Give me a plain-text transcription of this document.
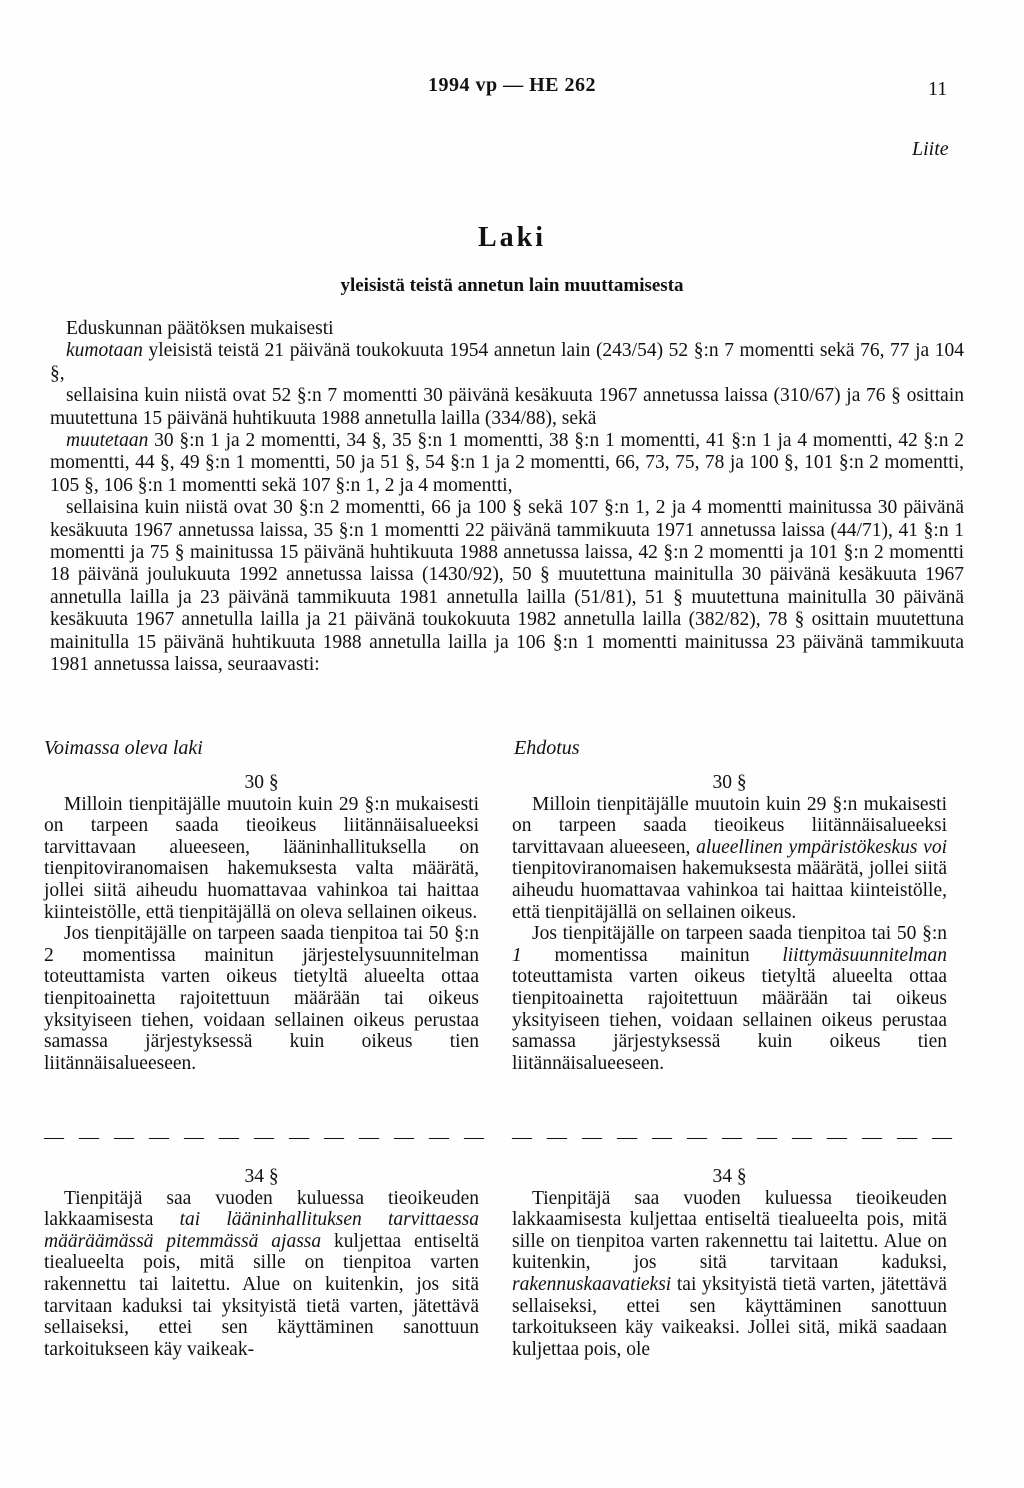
1994 vp — HE 262	11
Liite
Laki
yleisistä teistä annetun lain muuttamisesta

Eduskunnan päätöksen mukaisesti

kumotaan yleisistä teistä 21 päivänä toukokuuta 1954 annetun lain (243/54) 52 §:n 7 momentti sekä 76, 77 ja 104 §,

sellaisina kuin niistä ovat 52 §:n 7 momentti 30 päivänä kesäkuuta 1967 annetussa laissa (310/67) ja 76 § osittain muutettuna 15 päivänä huhtikuuta 1988 annetulla lailla (334/88), sekä

muutetaan 30 §:n 1 ja 2 momentti, 34 §, 35 §:n 1 momentti, 38 §:n 1 momentti, 41 §:n 1 ja 4 momentti, 42 §:n 2 momentti, 44 §, 49 §:n 1 momentti, 50 ja 51 §, 54 §:n 1 ja 2 momentti, 66, 73, 75, 78 ja 100 §, 101 §:n 2 momentti, 105 §, 106 §:n 1 momentti sekä 107 §:n 1, 2 ja 4 momentti,

sellaisina kuin niistä ovat 30 §:n 2 momentti, 66 ja 100 § sekä 107 §:n 1, 2 ja 4 momentti mainitussa 30 päivänä kesäkuuta 1967 annetussa laissa, 35 §:n 1 momentti 22 päivänä tammikuuta 1971 annetussa laissa (44/71), 41 §:n 1 momentti ja 75 § mainitussa 15 päivänä huhtikuuta 1988 annetussa laissa, 42 §:n 2 momentti ja 101 §:n 2 momentti 18 päivänä joulukuuta 1992 annetussa laissa (1430/92), 50 § muutettuna mainitulla 30 päivänä kesäkuuta 1967 annetulla lailla ja 23 päivänä tammikuuta 1981 annetulla lailla (51/81), 51 § muutettuna mainitulla 30 päivänä kesäkuuta 1967 annetulla lailla ja 21 päivänä toukokuuta 1982 annetulla lailla (382/82), 78 § osittain muutettuna mainitulla 15 päivänä huhtikuuta 1988 annetulla lailla ja 106 §:n 1 momentti mainitussa 23 päivänä tammikuuta 1981 annetussa laissa, seuraavasti:

Voimassa oleva laki	Ehdotus

30 §

Milloin tienpitäjälle muutoin kuin 29 §:n mukaisesti on tarpeen saada tieoikeus liitännäisalueeksi tarvittavaan alueeseen, lääninhallituksella on tienpitoviranomaisen hakemuksesta valta määrätä, jollei siitä aiheudu huomattavaa vahinkoa tai haittaa kiinteistölle, että tienpitäjällä on oleva sellainen oikeus.

Jos tienpitäjälle on tarpeen saada tienpitoa tai 50 §:n 2 momentissa mainitun järjestelysuunnitelman toteuttamista varten oikeus tietyltä alueelta ottaa tienpitoainetta rajoitettuun määrään tai oikeus yksityiseen tiehen, voidaan sellainen oikeus perustaa samassa järjestyksessä kuin oikeus tien liitännäisalueeseen.

30 §

Milloin tienpitäjälle muutoin kuin 29 §:n mukaisesti on tarpeen saada tieoikeus liitännäisalueeksi tarvittavaan alueeseen, alueellinen ympäristökeskus voi tienpitoviranomaisen hakemuksesta määrätä, jollei siitä aiheudu huomattavaa vahinkoa tai haittaa kiinteistölle, että tienpitäjällä on sellainen oikeus.

Jos tienpitäjälle on tarpeen saada tienpitoa tai 50 §:n 1 momentissa mainitun liittymäsuunnitelman toteuttamista varten oikeus tietyltä alueelta ottaa tienpitoainetta rajoitettuun määrään tai oikeus yksityiseen tiehen, voidaan sellainen oikeus perustaa samassa järjestyksessä kuin oikeus tien liitännäisalueeseen.

— — — — — — — — — — — — — — — — — — — — — — — — — —

34 §

Tienpitäjä saa vuoden kuluessa tieoikeuden lakkaamisesta tai lääninhallituksen tarvittaessa määräämässä pitemmässä ajassa kuljettaa entiseltä tiealueelta pois, mitä sille on tienpitoa varten rakennettu tai laitettu. Alue on kuitenkin, jos sitä tarvitaan kaduksi tai yksityistä tietä varten, jätettävä sellaiseksi, ettei sen käyttäminen sanottuun tarkoitukseen käy vaikeak-

34 §

Tienpitäjä saa vuoden kuluessa tieoikeuden lakkaamisesta kuljettaa entiseltä tiealueelta pois, mitä sille on tienpitoa varten rakennettu tai laitettu. Alue on kuitenkin, jos sitä tarvitaan kaduksi, rakennuskaavatieksi tai yksityistä tietä varten, jätettävä sellaiseksi, ettei sen käyttäminen sanottuun tarkoitukseen käy vaikeaksi. Jollei sitä, mikä saadaan kuljettaa pois, ole
